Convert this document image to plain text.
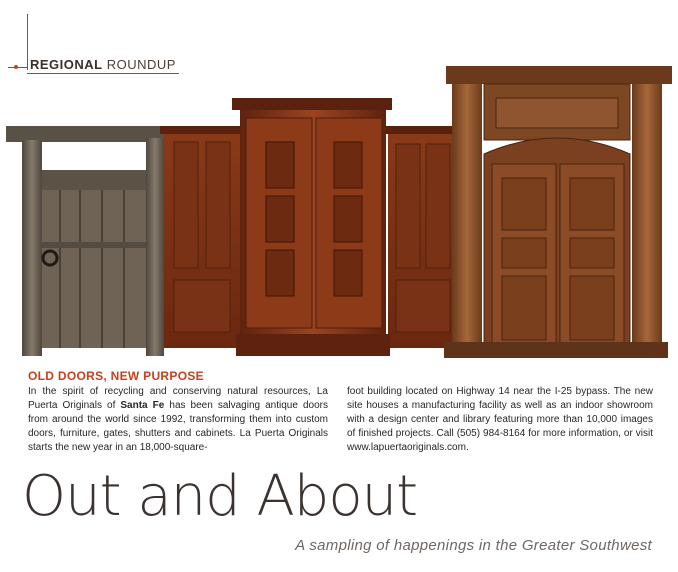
REGIONAL ROUNDUP
OLD DOORS, NEW PURPOSE
In the spirit of recycling and conserving natural resources, La Puerta Originals of Santa Fe has been salvaging antique doors from around the world since 1992, transforming them into custom doors, furniture, gates, shutters and cabinets. La Puerta Originals starts the new year in an 18,000-square-
foot building located on Highway 14 near the I-25 bypass. The new site houses a manufacturing facility as well as an indoor showroom with a design center and library featuring more than 10,000 images of finished projects. Call (505) 984-8164 for more information, or visit www.lapuertaoriginals.com.
Out and About
A sampling of happenings in the Greater Southwest
